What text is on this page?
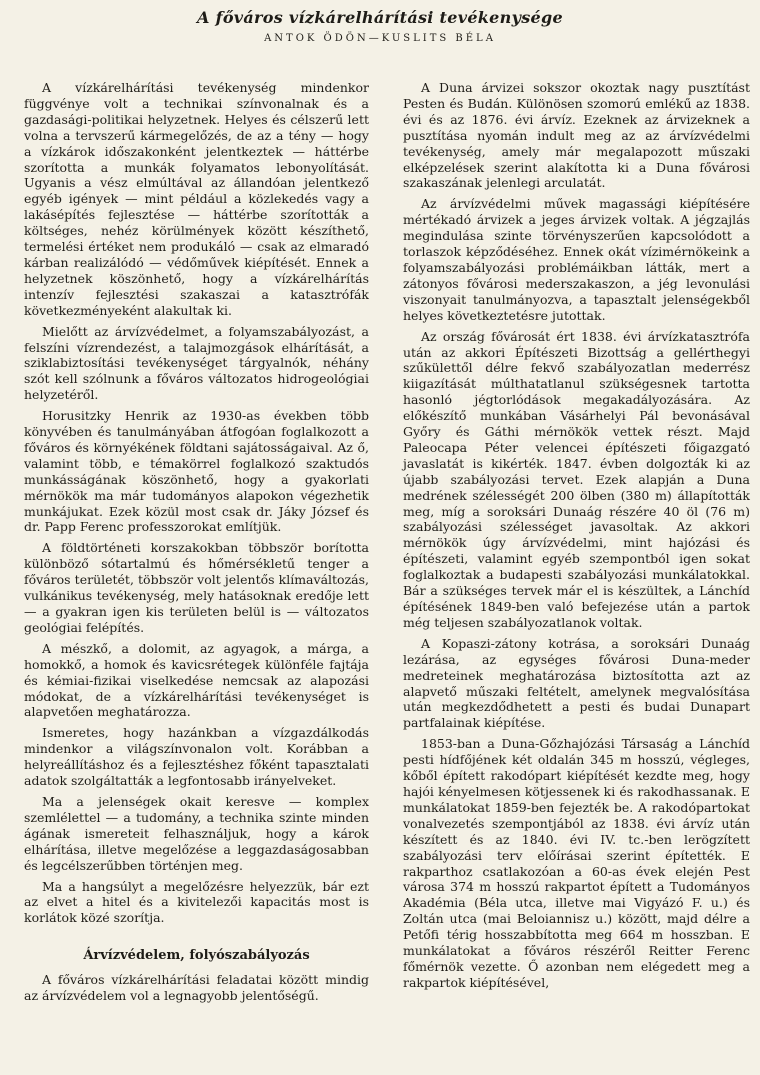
A főváros vízkárelhárítási tevékenysége
ANTOK ÖDÖN—KUSLITS BÉLA

A vízkárelhárítási tevékenység mindenkor függvénye volt a technikai színvonalnak és a gazdasági-politikai helyzetnek. Helyes és célszerű lett volna a tervszerű kármegelőzés, de az a tény — hogy a vízkárok időszakonként jelentkeztek — háttérbe szorította a munkák folyamatos lebonyolítását. Ugyanis a vész elmúltával az állandóan jelentkező egyéb igények — mint például a közlekedés vagy a lakásépítés fejlesztése — háttérbe szorították a költséges, nehéz körülmények között készíthető, termelési értéket nem produkáló — csak az elmaradó kárban realizálódó — védőművek kiépítését. Ennek a helyzetnek köszönhető, hogy a vízkárelhárítás intenzív fejlesztési szakaszai a katasztrófák következményeként alakultak ki.

Mielőtt az árvízvédelmet, a folyamszabályozást, a felszíni vízrendezést, a talajmozgások elhárítását, a sziklabiztosítási tevékenységet tárgyalnók, néhány szót kell szólnunk a főváros változatos hidrogeológiai helyzetéről.

Horusitzky Henrik az 1930-as években több könyvében és tanulmányában átfogóan foglalkozott a főváros és környékének földtani sajátosságaival. Az ő, valamint több, e témakörrel foglalkozó szaktudós munkásságának köszönhető, hogy a gyakorlati mérnökök ma már tudományos alapokon végezhetik munkájukat. Ezek közül most csak dr. Jáky József és dr. Papp Ferenc professzorokat említjük.

A földtörténeti korszakokban többször borította különböző sótartalmú és hőmérsékletű tenger a főváros területét, többször volt jelentős klímaváltozás, vulkánikus tevékenység, mely hatásoknak eredője lett — a gyakran igen kis területen belül is — változatos geológiai felépítés.

A mészkő, a dolomit, az agyagok, a márga, a homokkő, a homok és kavicsrétegek különféle fajtája és kémiai-fizikai viselkedése nemcsak az alapozási módokat, de a vízkárelhárítási tevékenységet is alapvetően meghatározza.

Ismeretes, hogy hazánkban a vízgazdálkodás mindenkor a világszínvonalon volt. Korábban a helyreállításhoz és a fejlesztéshez főként tapasztalati adatok szolgáltatták a legfontosabb irányelveket.

Ma a jelenségek okait keresve — komplex szemlélettel — a tudomány, a technika szinte minden ágának ismereteit felhasználjuk, hogy a károk elhárítása, illetve megelőzése a leggazdaságosabban és legcélszerűbben történjen meg.

Ma a hangsúlyt a megelőzésre helyezzük, bár ezt az elvet a hitel és a kivitelezői kapacitás most is korlátok közé szorítja.

Árvízvédelem, folyószabályozás

A főváros vízkárelhárítási feladatai között mindig az árvízvédelem vol a legnagyobb jelentőségű.

A Duna árvizei sokszor okoztak nagy pusztítást Pesten és Budán. Különösen szomorú emlékű az 1838. évi és az 1876. évi árvíz. Ezeknek az árvizeknek a pusztítása nyomán indult meg az az árvízvédelmi tevékenység, amely már megalapozott műszaki elképzelések szerint alakította ki a Duna fővárosi szakaszának jelenlegi arculatát.

Az árvízvédelmi művek magassági kiépítésére mértékadó árvizek a jeges árvizek voltak. A jégzajlás megindulása szinte törvényszerűen kapcsolódott a torlaszok képződéséhez. Ennek okát vízimérnökeink a folyamszabályozási problémáikban látták, mert a zátonyos fővárosi mederszakaszon, a jég levonulási viszonyait tanulmányozva, a tapasztalt jelenségekből helyes következtetésre jutottak.

Az ország fővárosát ért 1838. évi árvízkatasztrófa után az akkori Építészeti Bizottság a gellérthegyi szűkülettől délre fekvő szabályozatlan mederrész kiigazítását múlthatatlanul szükségesnek tartotta hasonló jégtorlódások megakadályozására. Az előkészítő munkában Vásárhelyi Pál bevonásával Győry és Gáthi mérnökök vettek részt. Majd Paleocapa Péter velencei építészeti főigazgató javaslatát is kikérték. 1847. évben dolgozták ki az újabb szabályozási tervet. Ezek alapján a Duna medrének szélességét 200 ölben (380 m) állapították meg, míg a soroksári Dunaág részére 40 öl (76 m) szabályozási szélességet javasoltak. Az akkori mérnökök úgy árvízvédelmi, mint hajózási és építészeti, valamint egyéb szempontból igen sokat foglalkoztak a budapesti szabályozási munkálatokkal. Bár a szükséges tervek már el is készültek, a Lánchíd építésének 1849-ben való befejezése után a partok még teljesen szabályozatlanok voltak.

A Kopaszi-zátony kotrása, a soroksári Dunaág lezárása, az egységes fővárosi Duna-meder medreteinek meghatározása biztosította azt az alapvető műszaki feltételt, amelynek megvalósítása után megkezdődhetett a pesti és budai Dunapart partfalainak kiépítése.

1853-ban a Duna-Gőzhajózási Társaság a Lánchíd pesti hídfőjének két oldalán 345 m hosszú, végleges, kőből épített rakodópart kiépítését kezdte meg, hogy hajói kényelmesen kötjessenek ki és rakodhassanak. E munkálatokat 1859-ben fejezték be. A rakodópartokat vonalvezetés szempontjából az 1838. évi árvíz után készített és az 1840. évi IV. tc.-ben lerögzített szabályozási terv előírásai szerint építették. E rakparthoz csatlakozóan a 60-as évek elején Pest városa 374 m hosszú rakpartot épített a Tudományos Akadémia (Béla utca, illetve mai Vigyázó F. u.) és Zoltán utca (mai Beloiannisz u.) között, majd délre a Petőfi térig hosszabbította meg 664 m hosszban. E munkálatokat a főváros részéről Reitter Ferenc főmérnök vezette. Ő azonban nem elégedett meg a rakpartok kiépítésével,
